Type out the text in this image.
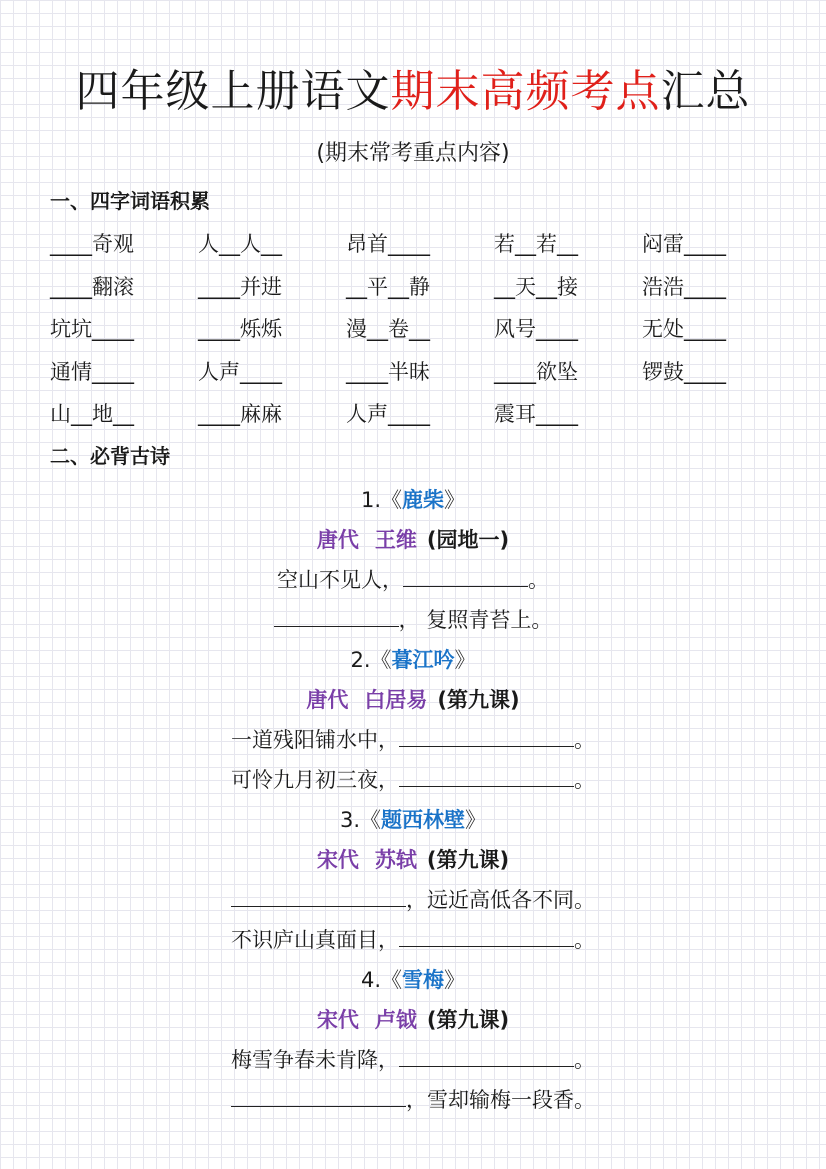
四年级上册语文期末高频考点汇总
(期末常考重点内容)
一、四字词语积累
____奇观	人__人__	昂首____	若__若__	闷雷____
____翻滚	____并进	__平__静	__天__接	浩浩____
坑坑____	____烁烁	漫__卷__	风号____	无处____
通情____	人声____	____半昧	____欲坠	锣鼓____
山__地__	____麻麻	人声____	震耳____
二、必背古诗
1.《鹿柴》
唐代 王维 (园地一)
空山不见人，	。
， 复照青苔上。
2.《暮江吟》
唐代 白居易 (第九课)
一道残阳铺水中，	。
可怜九月初三夜，	。
3.《题西林壁》
宋代 苏轼 (第九课)
，远近高低各不同。
不识庐山真面目，	。
4.《雪梅》
宋代 卢钺 (第九课)
梅雪争春未肯降，	。
，雪却输梅一段香。
